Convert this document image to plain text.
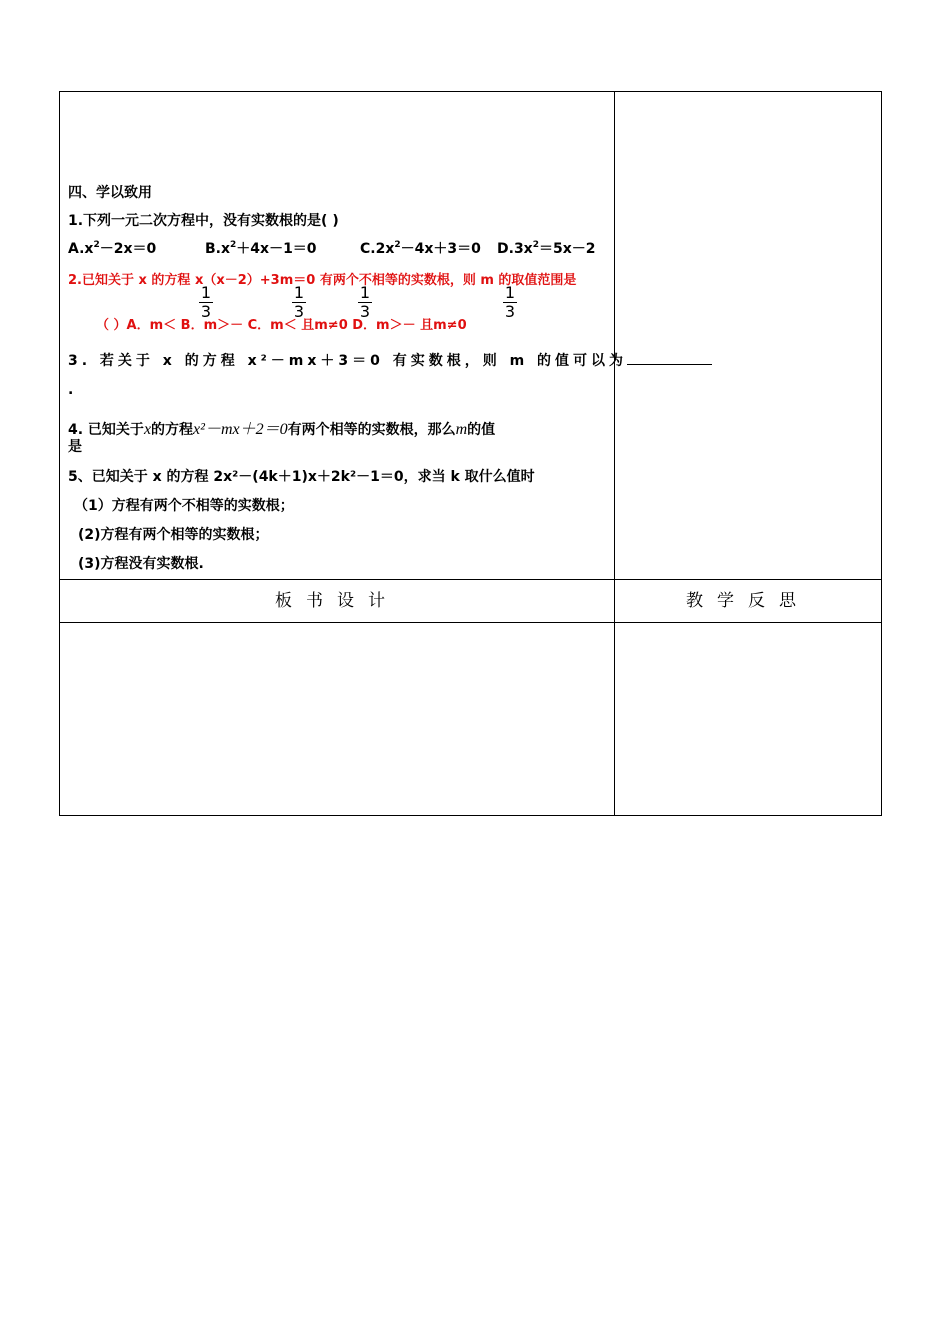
四、学以致用
1.下列一元二次方程中，没有实数根的是( )
$A.x^2-2x=0$	$B.x^2+4x-1=0$	$C.2x^2-4x+3=0$ $D.3x^2=5x-2$
2.已知关于 x 的方程 x（x－2）+3m＝0 有两个不相等的实数根，则 m 的取值范围是
（ ）A．m＜ B．m＞－ C．m＜ 且m≠0 D．m＞－ 且m≠0
1
3
1
3
1
3
1
3
3. 若关于 x 的方程 x²－mx＋3＝0 有实数根，则 m 的值可以为
.
4. 已知关于x的方程x²－mx＋2＝0有两个相等的实数根，那么m的值
是
5、已知关于 x 的方程 2x²－(4k＋1)x＋2k²－1＝0，求当 k 取什么值时
（1）方程有两个不相等的实数根；
(2)方程有两个相等的实数根；
(3)方程没有实数根.
板书设计	教学反思
